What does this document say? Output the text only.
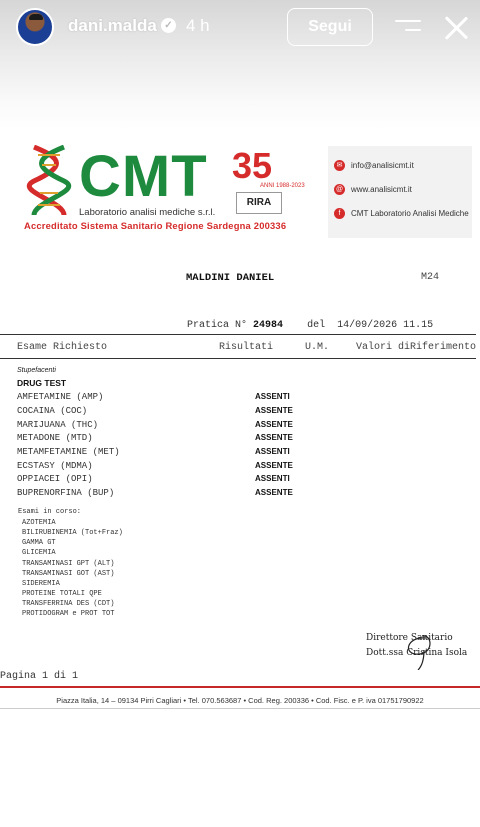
dani.malda ✓ 4 h	Segui
CMT 35
ANNI 1988-2023
RIRA
Laboratorio analisi mediche s.r.l.
Accreditato Sistema Sanitario Regione Sardegna 200336
✉	info@analisicmt.it
@ www.analisicmt.it
f	CMT Laboratorio Analisi Mediche
MALDINI DANIEL	M24
Pratica N° 24984 del 14/09/2026 11.15
Esame Richiesto	Risultati	U.M.	Valori diRiferimento
Stupefacenti
DRUG TEST
AMFETAMINE (AMP)	ASSENTI
COCAINA (COC)	ASSENTE
MARIJUANA (THC)	ASSENTE
METADONE (MTD)	ASSENTE
METAMFETAMINE (MET)	ASSENTI
ECSTASY (MDMA)	ASSENTE
OPPIACEI (OPI)	ASSENTI
BUPRENORFINA (BUP)	ASSENTE
Esami in corso:
AZOTEMIA
BILIRUBINEMIA (Tot+Fraz)
GAMMA GT
GLICEMIA
TRANSAMINASI GPT (ALT)
TRANSAMINASI GOT (AST)
SIDEREMIA
PROTEINE TOTALI QPE
TRANSFERRINA DES (CDT)
PROTIDOGRAM e PROT TOT
Direttore Sanitario
Dott.ssa Cristina Isola
Pagina 1 di 1
Piazza Italia, 14 – 09134 Pirri Cagliari • Tel. 070.563687 • Cod. Reg. 200336 • Cod. Fisc. e P. iva 01751790922
